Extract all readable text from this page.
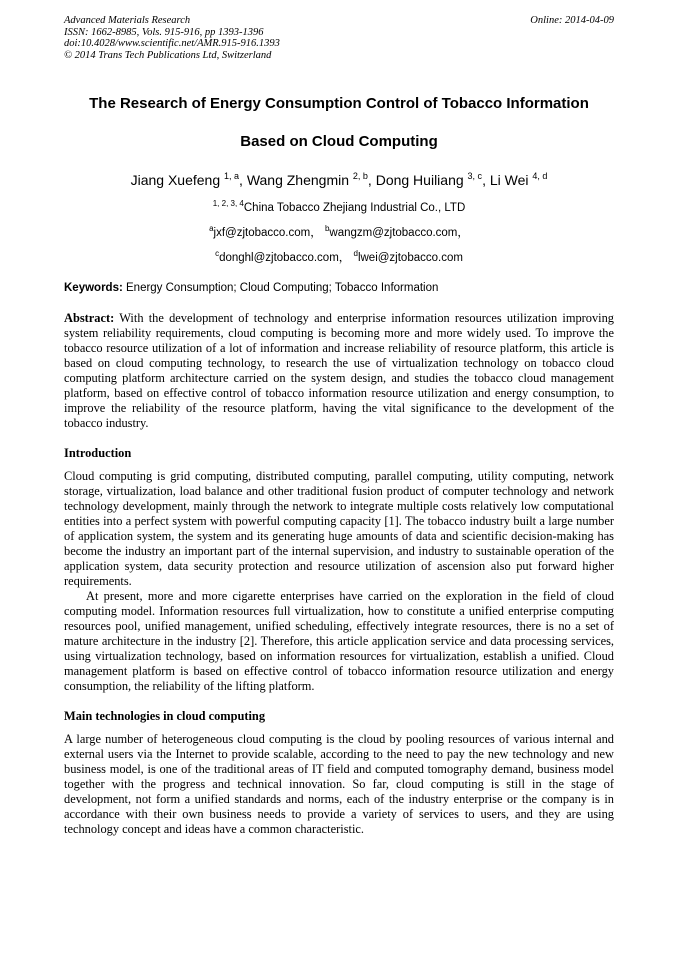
Advanced Materials Research
ISSN: 1662-8985, Vols. 915-916, pp 1393-1396
doi:10.4028/www.scientific.net/AMR.915-916.1393
© 2014 Trans Tech Publications Ltd, Switzerland
Online: 2014-04-09
The Research of Energy Consumption Control of Tobacco Information
Based on Cloud Computing
Jiang Xuefeng $^{1, a}$, Wang Zhengmin $^{2, b}$, Dong Huiliang $^{3, c}$, Li Wei $^{4, d}$
$^{1, 2, 3, 4}$China Tobacco Zhejiang Industrial Co., LTD
$^a$jxf@zjtobacco.com， $^b$wangzm@zjtobacco.com，
$^c$donghl@zjtobacco.com， $^d$lwei@zjtobacco.com
Keywords: Energy Consumption; Cloud Computing; Tobacco Information
Abstract: With the development of technology and enterprise information resources utilization improving system reliability requirements, cloud computing is becoming more and more widely used. To improve the tobacco resource utilization of a lot of information and increase reliability of resource platform, this article is based on cloud computing technology, to research the use of virtualization technology on tobacco cloud computing platform architecture carried on the system design, and studies the tobacco cloud management platform, based on effective control of tobacco information resource utilization and energy consumption, to improve the reliability of the resource platform, having the vital significance to the development of the tobacco industry.
Introduction

Cloud computing is grid computing, distributed computing, parallel computing, utility computing, network storage, virtualization, load balance and other traditional fusion product of computer technology and network technology development, mainly through the network to integrate multiple costs relatively low computational entities into a perfect system with powerful computing capacity [1]. The tobacco industry built a large number of application system, the system and its generating huge amounts of data and scientific decision-making has become the industry an important part of the internal supervision, and industry to sustainable operation of the application system, data security protection and resource utilization of ascension also put forward higher requirements.

At present, more and more cigarette enterprises have carried on the exploration in the field of cloud computing model. Information resources full virtualization, how to constitute a unified enterprise computing resources pool, unified management, unified scheduling, effectively integrate resources, there is no a set of mature architecture in the industry [2]. Therefore, this article application service and data processing services, using virtualization technology, based on information resources for virtualization, establish a unified. Cloud management platform is based on effective control of tobacco information resource utilization and energy consumption, the reliability of the lifting platform.

Main technologies in cloud computing

A large number of heterogeneous cloud computing is the cloud by pooling resources of various internal and external users via the Internet to provide scalable, according to the need to pay the new technology and new business model, is one of the traditional areas of IT field and computed tomography demand, business model together with the progress and technical innovation. So far, cloud computing is still in the stage of development, not form a unified standards and norms, each of the industry enterprise or the company is in accordance with their own business needs to provide a variety of services to users, and they are using technology concept and ideas have a common characteristic.
